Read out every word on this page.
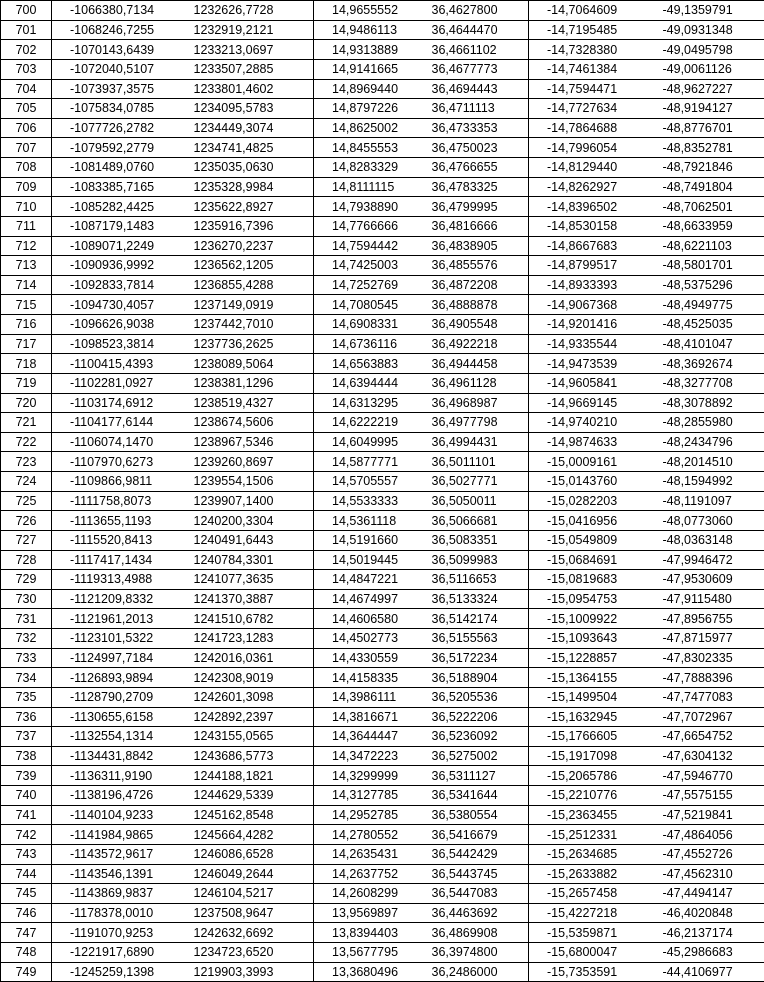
700	-1066380,7134	1232626,7728	14,9655552	36,4627800	-14,7064609	-49,1359791
701	-1068246,7255	1232919,2121	14,9486113	36,4644470	-14,7195485	-49,0931348
702	-1070143,6439	1233213,0697	14,9313889	36,4661102	-14,7328380	-49,0495798
703	-1072040,5107	1233507,2885	14,9141665	36,4677773	-14,7461384	-49,0061126
704	-1073937,3575	1233801,4602	14,8969440	36,4694443	-14,7594471	-48,9627227
705	-1075834,0785	1234095,5783	14,8797226	36,4711113	-14,7727634	-48,9194127
706	-1077726,2782	1234449,3074	14,8625002	36,4733353	-14,7864688	-48,8776701
707	-1079592,2779	1234741,4825	14,8455553	36,4750023	-14,7996054	-48,8352781
708	-1081489,0760	1235035,0630	14,8283329	36,4766655	-14,8129440	-48,7921846
709	-1083385,7165	1235328,9984	14,8111115	36,4783325	-14,8262927	-48,7491804
710	-1085282,4425	1235622,8927	14,7938890	36,4799995	-14,8396502	-48,7062501
711	-1087179,1483	1235916,7396	14,7766666	36,4816666	-14,8530158	-48,6633959
712	-1089071,2249	1236270,2237	14,7594442	36,4838905	-14,8667683	-48,6221103
713	-1090936,9992	1236562,1205	14,7425003	36,4855576	-14,8799517	-48,5801701
714	-1092833,7814	1236855,4288	14,7252769	36,4872208	-14,8933393	-48,5375296
715	-1094730,4057	1237149,0919	14,7080545	36,4888878	-14,9067368	-48,4949775
716	-1096626,9038	1237442,7010	14,6908331	36,4905548	-14,9201416	-48,4525035
717	-1098523,3814	1237736,2625	14,6736116	36,4922218	-14,9335544	-48,4101047
718	-1100415,4393	1238089,5064	14,6563883	36,4944458	-14,9473539	-48,3692674
719	-1102281,0927	1238381,1296	14,6394444	36,4961128	-14,9605841	-48,3277708
720	-1103174,6912	1238519,4327	14,6313295	36,4968987	-14,9669145	-48,3078892
721	-1104177,6144	1238674,5606	14,6222219	36,4977798	-14,9740210	-48,2855980
722	-1106074,1470	1238967,5346	14,6049995	36,4994431	-14,9874633	-48,2434796
723	-1107970,6273	1239260,8697	14,5877771	36,5011101	-15,0009161	-48,2014510
724	-1109866,9811	1239554,1506	14,5705557	36,5027771	-15,0143760	-48,1594992
725	-1111758,8073	1239907,1400	14,5533333	36,5050011	-15,0282203	-48,1191097
726	-1113655,1193	1240200,3304	14,5361118	36,5066681	-15,0416956	-48,0773060
727	-1115520,8413	1240491,6443	14,5191660	36,5083351	-15,0549809	-48,0363148
728	-1117417,1434	1240784,3301	14,5019445	36,5099983	-15,0684691	-47,9946472
729	-1119313,4988	1241077,3635	14,4847221	36,5116653	-15,0819683	-47,9530609
730	-1121209,8332	1241370,3887	14,4674997	36,5133324	-15,0954753	-47,9115480
731	-1121961,2013	1241510,6782	14,4606580	36,5142174	-15,1009922	-47,8956755
732	-1123101,5322	1241723,1283	14,4502773	36,5155563	-15,1093643	-47,8715977
733	-1124997,7184	1242016,0361	14,4330559	36,5172234	-15,1228857	-47,8302335
734	-1126893,9894	1242308,9019	14,4158335	36,5188904	-15,1364155	-47,7888396
735	-1128790,2709	1242601,3098	14,3986111	36,5205536	-15,1499504	-47,7477083
736	-1130655,6158	1242892,2397	14,3816671	36,5222206	-15,1632945	-47,7072967
737	-1132554,1314	1243155,0565	14,3644447	36,5236092	-15,1766605	-47,6654752
738	-1134431,8842	1243686,5773	14,3472223	36,5275002	-15,1917098	-47,6304132
739	-1136311,9190	1244188,1821	14,3299999	36,5311127	-15,2065786	-47,5946770
740	-1138196,4726	1244629,5339	14,3127785	36,5341644	-15,2210776	-47,5575155
741	-1140104,9233	1245162,8548	14,2952785	36,5380554	-15,2363455	-47,5219841
742	-1141984,9865	1245664,4282	14,2780552	36,5416679	-15,2512331	-47,4864056
743	-1143572,9617	1246086,6528	14,2635431	36,5442429	-15,2634685	-47,4552726
744	-1143546,1391	1246049,2644	14,2637752	36,5443745	-15,2633882	-47,4562310
745	-1143869,9837	1246104,5217	14,2608299	36,5447083	-15,2657458	-47,4494147
746	-1178378,0010	1237508,9647	13,9569897	36,4463692	-15,4227218	-46,4020848
747	-1191070,9253	1242632,6692	13,8394403	36,4869908	-15,5359871	-46,2137174
748	-1221917,6890	1234723,6520	13,5677795	36,3974800	-15,6800047	-45,2986683
749	-1245259,1398	1219903,3993	13,3680496	36,2486000	-15,7353591	-44,4106977
